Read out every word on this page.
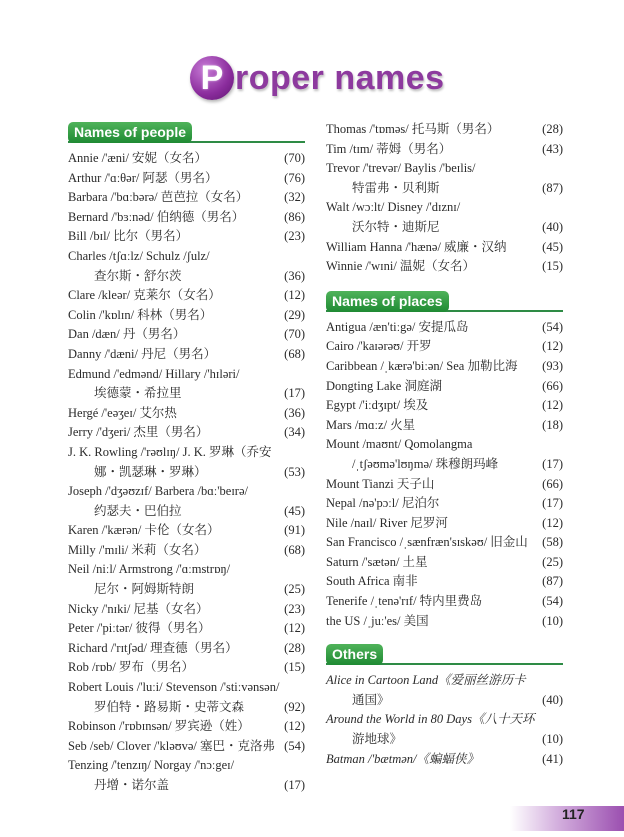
P roper names
Names of people
Annie /'æni/ 安妮（女名）	(70)
Arthur /'ɑːθər/ 阿瑟（男名）	(76)
Barbara /'bɑːbərə/ 芭芭拉（女名）	(32)
Bernard /'bɜːnəd/ 伯纳德（男名）	(86)
Bill /bɪl/ 比尔（男名）	(23)
Charles /tʃɑːlz/ Schulz /ʃulz/
查尔斯・舒尔茨	(36)
Clare /kleər/ 克莱尔（女名）	(12)
Colin /'kɒlɪn/ 科林（男名）	(29)
Dan /dæn/ 丹（男名）	(70)
Danny /'dæni/ 丹尼（男名）	(68)
Edmund /'edmənd/ Hillary /'hɪləri/
埃德蒙・希拉里	(17)
Hergé /'eəʒeɪ/ 艾尔热	(36)
Jerry /'dʒeri/ 杰里（男名）	(34)
J. K. Rowling /'rəʊlɪŋ/ J. K. 罗琳（乔安
娜・凯瑟琳・罗琳）	(53)
Joseph /'dʒəʊzɪf/ Barbera /bɑː'beɪrə/
约瑟夫・巴伯拉	(45)
Karen /'kærən/ 卡伦（女名）	(91)
Milly /'mɪli/ 米莉（女名）	(68)
Neil /niːl/ Armstrong /'ɑːmstrɒŋ/
尼尔・阿姆斯特朗	(25)
Nicky /'nɪki/ 尼基（女名）	(23)
Peter /'piːtər/ 彼得（男名）	(12)
Richard /'rɪtʃəd/ 理查德（男名）	(28)
Rob /rɒb/ 罗布（男名）	(15)
Robert Louis /'luːi/ Stevenson /'stiːvənsən/
罗伯特・路易斯・史蒂文森	(92)
Robinson /'rɒbɪnsən/ 罗宾逊（姓）	(12)
Seb /seb/ Clover /'kləʊvə/ 塞巴・克洛弗 (54)
Tenzing /'tenzɪŋ/ Norgay /'nɔːgeɪ/
丹增・诺尔盖	(17)
Thomas /'tɒməs/ 托马斯（男名）	(28)
Tim /tɪm/ 蒂姆（男名）	(43)
Trevor /'trevər/ Baylis /'beɪlis/
特雷弗・贝利斯	(87)
Walt /wɔːlt/ Disney /'dɪznɪ/
沃尔特・迪斯尼	(40)
William Hanna /'hænə/ 威廉・汉纳	(45)
Winnie /'wɪni/ 温妮（女名）	(15)
Names of places
Antigua /æn'tiːgə/ 安提瓜岛	(54)
Cairo /'kaɪərəʊ/ 开罗	(12)
Caribbean /ˌkærə'biːən/ Sea 加勒比海 (93)
Dongting Lake 洞庭湖	(66)
Egypt /'iːdʒɪpt/ 埃及	(12)
Mars /mɑːz/ 火星	(18)
Mount /maʊnt/ Qomolangma
/ˌtʃəʊmə'lʊŋmə/ 珠穆朗玛峰	(17)
Mount Tianzi 天子山	(66)
Nepal /nə'pɔːl/ 尼泊尔	(17)
Nile /naɪl/ River 尼罗河	(12)
San Francisco /ˌsænfræn'sɪskəʊ/ 旧金山 (58)
Saturn /'sætən/ 土星	(25)
South Africa 南非	(87)
Tenerife /ˌtenə'rɪf/ 特内里费岛	(54)
the US /ˌjuː'es/ 美国	(10)
Others
Alice in Cartoon Land《爱丽丝游历卡
通国》	(40)
Around the World in 80 Days《八十天环
游地球》	(10)
Batman /'bætmən/《蝙蝠侠》	(41)
117
